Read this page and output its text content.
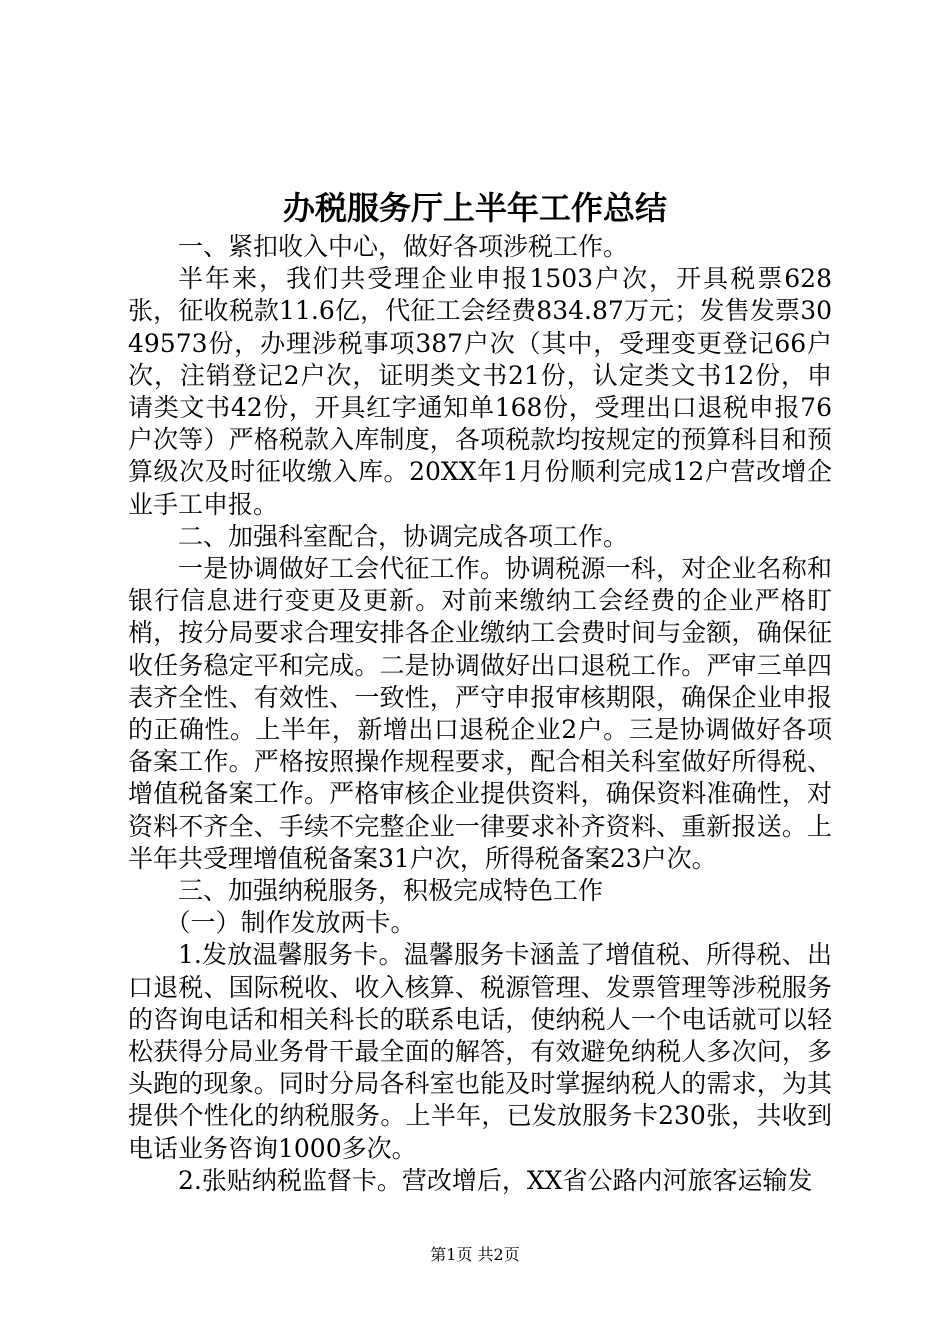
办税服务厅上半年工作总结

一、紧扣收入中心，做好各项涉税工作。

半年来，我们共受理企业申报1503户次，开具税票628张，征收税款11.6亿，代征工会经费834.87万元；发售发票3049573份，办理涉税事项387户次（其中，受理变更登记66户次，注销登记2户次，证明类文书21份，认定类文书12份，申请类文书42份，开具红字通知单168份，受理出口退税申报76户次等）严格税款入库制度，各项税款均按规定的预算科目和预算级次及时征收缴入库。20XX年1月份顺利完成12户营改增企业手工申报。

二、加强科室配合，协调完成各项工作。

一是协调做好工会代征工作。协调税源一科，对企业名称和银行信息进行变更及更新。对前来缴纳工会经费的企业严格盯梢，按分局要求合理安排各企业缴纳工会费时间与金额，确保征收任务稳定平和完成。二是协调做好出口退税工作。严审三单四表齐全性、有效性、一致性，严守申报审核期限，确保企业申报的正确性。上半年，新增出口退税企业2户。三是协调做好各项备案工作。严格按照操作规程要求，配合相关科室做好所得税、增值税备案工作。严格审核企业提供资料，确保资料准确性，对资料不齐全、手续不完整企业一律要求补齐资料、重新报送。上半年共受理增值税备案31户次，所得税备案23户次。

三、加强纳税服务，积极完成特色工作

（一）制作发放两卡。

1.发放温馨服务卡。温馨服务卡涵盖了增值税、所得税、出口退税、国际税收、收入核算、税源管理、发票管理等涉税服务的咨询电话和相关科长的联系电话，使纳税人一个电话就可以轻松获得分局业务骨干最全面的解答，有效避免纳税人多次问，多头跑的现象。同时分局各科室也能及时掌握纳税人的需求，为其提供个性化的纳税服务。上半年，已发放服务卡230张，共收到电话业务咨询1000多次。

2.张贴纳税监督卡。营改增后，XX省公路内河旅客运输发

第1页 共2页
